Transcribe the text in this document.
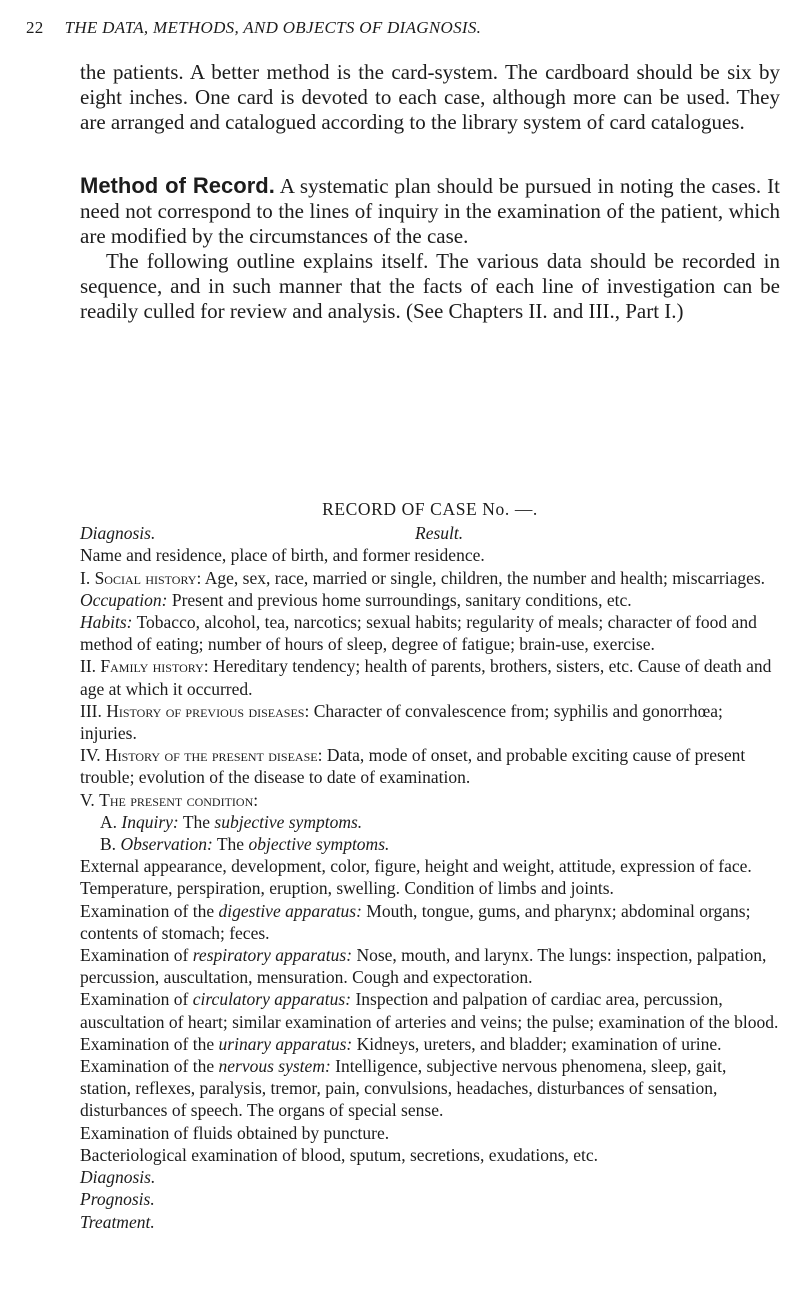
22 THE DATA, METHODS, AND OBJECTS OF DIAGNOSIS.

the patients. A better method is the card-system. The cardboard should be six by eight inches. One card is devoted to each case, although more can be used. They are arranged and catalogued according to the library system of card catalogues.

Method of Record. A systematic plan should be pursued in noting the cases. It need not correspond to the lines of inquiry in the examination of the patient, which are modified by the circumstances of the case.

The following outline explains itself. The various data should be recorded in sequence, and in such manner that the facts of each line of investigation can be readily culled for review and analysis. (See Chapters II. and III., Part I.)

RECORD OF CASE No. —.

Diagnosis.	Result.

Name and residence, place of birth, and former residence.

I. Social history: Age, sex, race, married or single, children, the number and health; miscarriages.

Occupation: Present and previous home surroundings, sanitary conditions, etc.

Habits: Tobacco, alcohol, tea, narcotics; sexual habits; regularity of meals; character of food and method of eating; number of hours of sleep, degree of fatigue; brain-use, exercise.

II. Family history: Hereditary tendency; health of parents, brothers, sisters, etc. Cause of death and age at which it occurred.

III. History of previous diseases: Character of convalescence from; syphilis and gonorrhœa; injuries.

IV. History of the present disease: Data, mode of onset, and probable exciting cause of present trouble; evolution of the disease to date of examination.

V. The present condition:

A. Inquiry: The subjective symptoms.

B. Observation: The objective symptoms.

External appearance, development, color, figure, height and weight, attitude, expression of face.

Temperature, perspiration, eruption, swelling. Condition of limbs and joints.

Examination of the digestive apparatus: Mouth, tongue, gums, and pharynx; abdominal organs; contents of stomach; feces.

Examination of respiratory apparatus: Nose, mouth, and larynx. The lungs: inspection, palpation, percussion, auscultation, mensuration. Cough and expectoration.

Examination of circulatory apparatus: Inspection and palpation of cardiac area, percussion, auscultation of heart; similar examination of arteries and veins; the pulse; examination of the blood.

Examination of the urinary apparatus: Kidneys, ureters, and bladder; examination of urine.

Examination of the nervous system: Intelligence, subjective nervous phenomena, sleep, gait, station, reflexes, paralysis, tremor, pain, convulsions, headaches, disturbances of sensation, disturbances of speech. The organs of special sense.

Examination of fluids obtained by puncture.

Bacteriological examination of blood, sputum, secretions, exudations, etc.

Diagnosis.

Prognosis.

Treatment.
